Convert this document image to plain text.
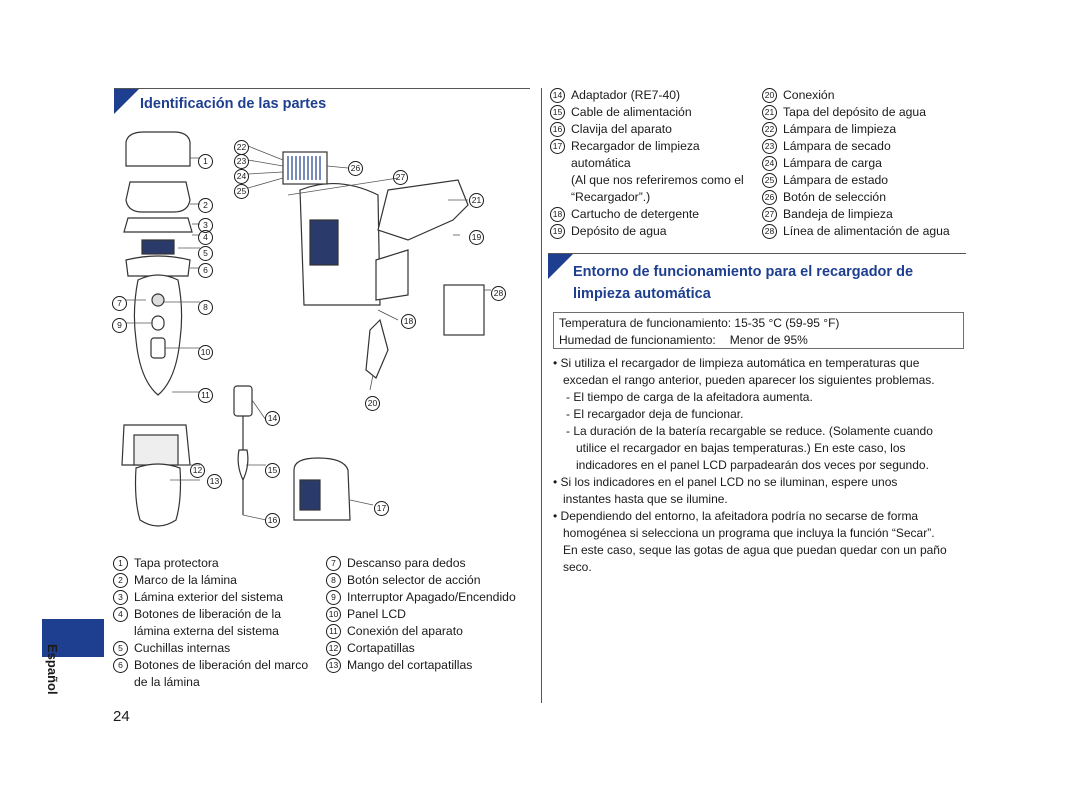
Identificación de las partes
1
2
3
4
5
6
7	8
9
10
11
12
13
14
15
16
17
18
19
20
21
22
23
24
25
26
27
28
1 Tapa protectora
2 Marco de la lámina
3 Lámina exterior del sistema
4 Botones de liberación de la
lámina externa del sistema
5 Cuchillas internas
6 Botones de liberación del marco
de la lámina
7 Descanso para dedos
8 Botón selector de acción
9 Interruptor Apagado/Encendido
10 Panel LCD
11 Conexión del aparato
12 Cortapatillas
13 Mango del cortapatillas
14 Adaptador (RE7-40)
15 Cable de alimentación
16 Clavija del aparato
17 Recargador de limpieza
automática
(Al que nos referiremos como el
“Recargador”.)
18 Cartucho de detergente
19 Depósito de agua
20 Conexión
21 Tapa del depósito de agua
22 Lámpara de limpieza
23 Lámpara de secado
24 Lámpara de carga
25 Lámpara de estado
26 Botón de selección
27 Bandeja de limpieza
28 Línea de alimentación de agua
Entorno de funcionamiento para el recargador de
limpieza automática
Temperatura de funcionamiento: 15-35 °C (59-95 °F)
Humedad de funcionamiento: Menor de 95%

• Si utiliza el recargador de limpieza automática en temperaturas que

excedan el rango anterior, pueden aparecer los siguientes problemas.

- El tiempo de carga de la afeitadora aumenta.

- El recargador deja de funcionar.

- La duración de la batería recargable se reduce. (Solamente cuando

utilice el recargador en bajas temperaturas.) En este caso, los

indicadores en el panel LCD parpadearán dos veces por segundo.

• Si los indicadores en el panel LCD no se iluminan, espere unos

instantes hasta que se ilumine.

• Dependiendo del entorno, la afeitadora podría no secarse de forma

homogénea si selecciona un programa que incluya la función “Secar”.

En este caso, seque las gotas de agua que puedan quedar con un paño

seco.

Español
24
